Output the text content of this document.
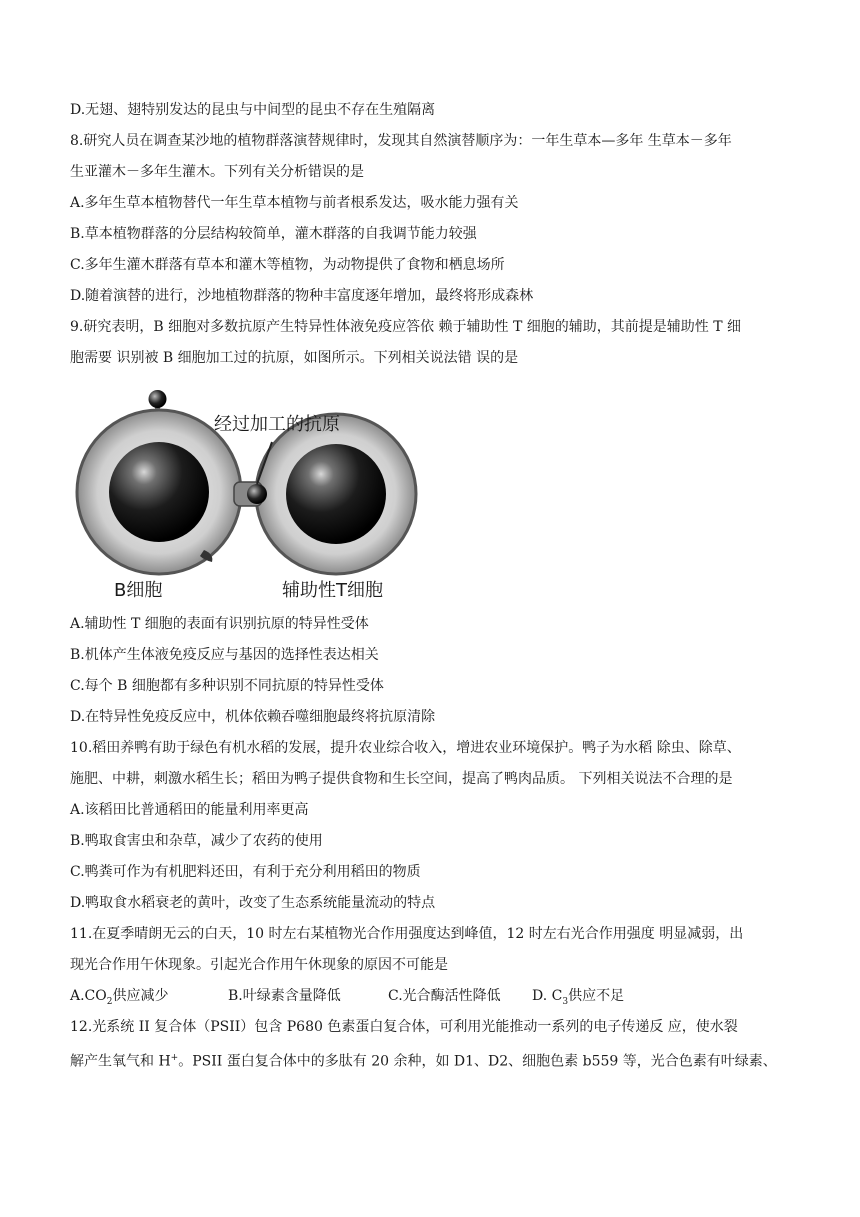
D.无翅、翅特别发达的昆虫与中间型的昆虫不存在生殖隔离
8.研究人员在调查某沙地的植物群落演替规律时，发现其自然演替顺序为：一年生草本—多年 生草本－多年
生亚灌木－多年生灌木。下列有关分析错误的是
A.多年生草本植物替代一年生草本植物与前者根系发达，吸水能力强有关
B.草本植物群落的分层结构较简单，灌木群落的自我调节能力较强
C.多年生灌木群落有草本和灌木等植物，为动物提供了食物和栖息场所
D.随着演替的进行，沙地植物群落的物种丰富度逐年增加，最终将形成森林
9.研究表明，B 细胞对多数抗原产生特异性体液免疫应答依 赖于辅助性 T 细胞的辅助，其前提是辅助性 T 细
胞需要 识别被 B 细胞加工过的抗原，如图所示。下列相关说法错 误的是
经过加工的抗原
B细胞	辅助性T细胞
A.辅助性 T 细胞的表面有识别抗原的特异性受体
B.机体产生体液免疫反应与基因的选择性表达相关
C.每个 B 细胞都有多种识别不同抗原的特异性受体
D.在特异性免疫反应中，机体依赖吞噬细胞最终将抗原清除
10.稻田养鸭有助于绿色有机水稻的发展，提升农业综合收入，增进农业环境保护。鸭子为水稻 除虫、除草、
施肥、中耕，刺激水稻生长；稻田为鸭子提供食物和生长空间，提高了鸭肉品质。 下列相关说法不合理的是
A.该稻田比普通稻田的能量利用率更高
B.鸭取食害虫和杂草，减少了农药的使用
C.鸭粪可作为有机肥料还田，有利于充分利用稻田的物质
D.鸭取食水稻衰老的黄叶，改变了生态系统能量流动的特点
11.在夏季晴朗无云的白天，10 时左右某植物光合作用强度达到峰值，12 时左右光合作用强度 明显减弱，出
现光合作用午休现象。引起光合作用午休现象的原因不可能是
$A.CO_2$供应减少	B.叶绿素含量降低	C.光合酶活性降低	D. $C_3$供应不足
12.光系统 II 复合体（PSII）包含 P680 色素蛋白复合体，可利用光能推动一系列的电子传递反 应，使水裂
解产生氧气和 H+。PSII 蛋白复合体中的多肽有 20 余种，如 D1、D2、细胞色素 b559 等，光合色素有叶绿素、
